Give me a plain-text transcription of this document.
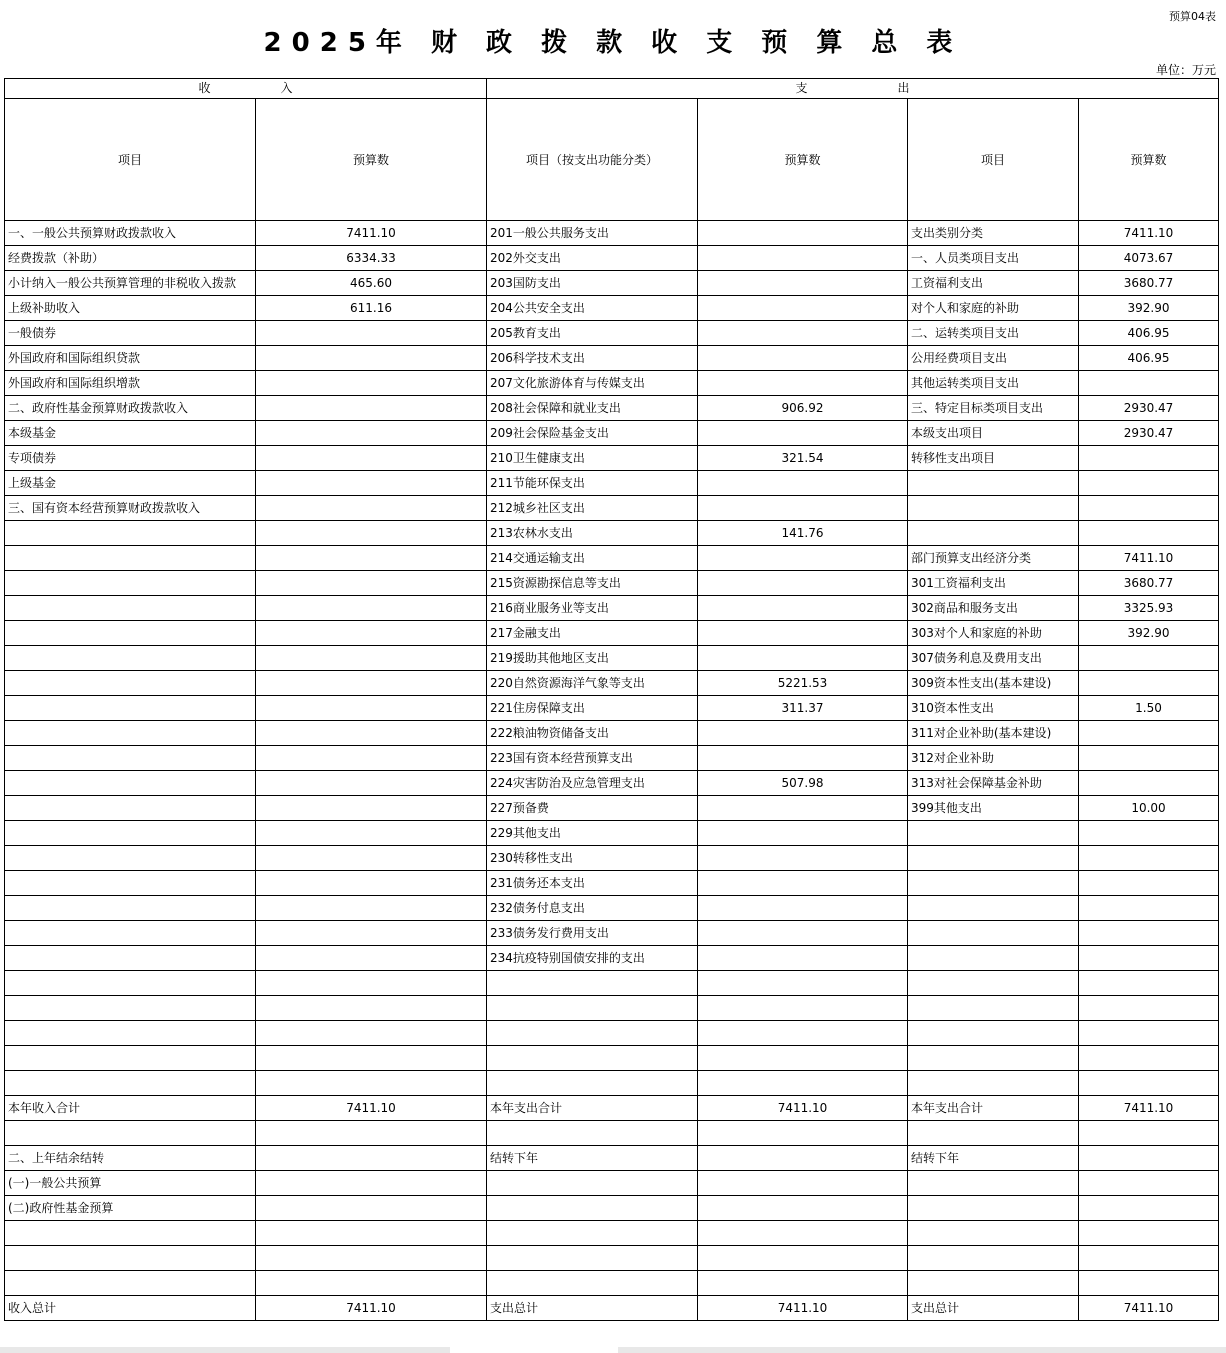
预算04表
2025年 财 政 拨 款 收 支 预 算 总 表
单位：万元
收 入		支 出			
项目	预算数	项目（按支出功能分类）	预算数	项目	预算数
一、一般公共预算财政拨款收入	7411.10	201一般公共服务支出		支出类别分类	7411.10
经费拨款（补助）	6334.33	202外交支出		一、人员类项目支出	4073.67
小计纳入一般公共预算管理的非税收入拨款	465.60	203国防支出		工资福利支出	3680.77
上级补助收入	611.16	204公共安全支出		对个人和家庭的补助	392.90
一般债券		205教育支出		二、运转类项目支出	406.95
外国政府和国际组织贷款		206科学技术支出		公用经费项目支出	406.95
外国政府和国际组织增款		207文化旅游体育与传媒支出		其他运转类项目支出	
二、政府性基金预算财政拨款收入		208社会保障和就业支出	906.92	三、特定目标类项目支出	2930.47
本级基金		209社会保险基金支出		本级支出项目	2930.47
专项债券		210卫生健康支出	321.54	转移性支出项目	
上级基金		211节能环保支出			
三、国有资本经营预算财政拨款收入		212城乡社区支出			
		213农林水支出	141.76		
		214交通运输支出		部门预算支出经济分类	7411.10
		215资源勘探信息等支出		301工资福利支出	3680.77
		216商业服务业等支出		302商品和服务支出	3325.93
		217金融支出		303对个人和家庭的补助	392.90
		219援助其他地区支出		307债务利息及费用支出	
		220自然资源海洋气象等支出	5221.53	309资本性支出(基本建设)	
		221住房保障支出	311.37	310资本性支出	1.50
		222粮油物资储备支出		311对企业补助(基本建设)	
		223国有资本经营预算支出		312对企业补助	
		224灾害防治及应急管理支出	507.98	313对社会保障基金补助	
		227预备费		399其他支出	10.00
		229其他支出			
		230转移性支出			
		231债务还本支出			
		232债务付息支出			
		233债务发行费用支出			
		234抗疫特别国债安排的支出			

本年收入合计	7411.10	本年支出合计	7411.10	本年支出合计	7411.10

二、上年结余结转		结转下年		结转下年	
(一)一般公共预算					
(二)政府性基金预算					

收入总计	7411.10	支出总计	7411.10	支出总计	7411.10
